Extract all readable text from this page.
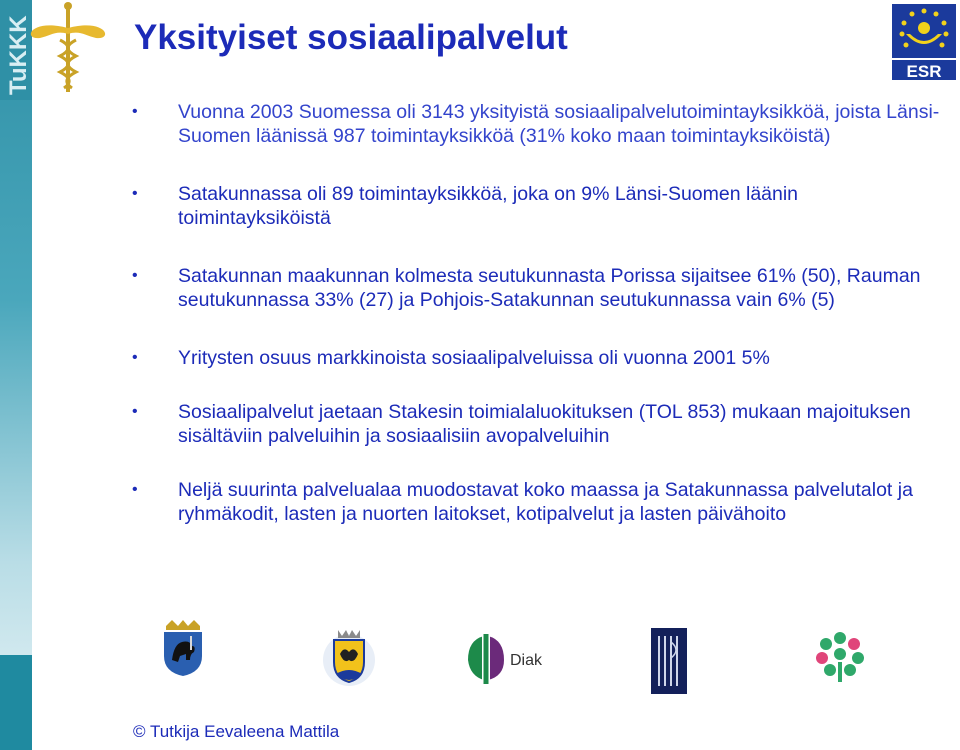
TuKKK	Yksityiset sosiaalipalvelut
ESR
• Vuonna 2003 Suomessa oli 3143 yksityistä sosiaalipalvelutoimintayksikköä, joista Länsi-Suomen läänissä 987 toimintayksikköä (31% koko maan toimintayksiköistä)
• Satakunnassa oli 89 toimintayksikköä, joka on 9% Länsi-Suomen läänin toimintayksiköistä
• Satakunnan maakunnan kolmesta seutukunnasta Porissa sijaitsee 61% (50), Rauman seutukunnassa 33% (27) ja Pohjois-Satakunnan seutukunnassa vain 6% (5)
• Yritysten osuus markkinoista sosiaalipalveluissa oli vuonna 2001 5%
• Sosiaalipalvelut jaetaan Stakesin toimialaluokituksen (TOL 853) mukaan majoituksen sisältäviin palveluihin ja sosiaalisiin avopalveluihin
• Neljä suurinta palvelualaa muodostavat koko maassa ja Satakunnassa palvelutalot ja ryhmäkodit, lasten ja nuorten laitokset, kotipalvelut ja lasten päivähoito
Diak
© Tutkija Eevaleena Mattila
